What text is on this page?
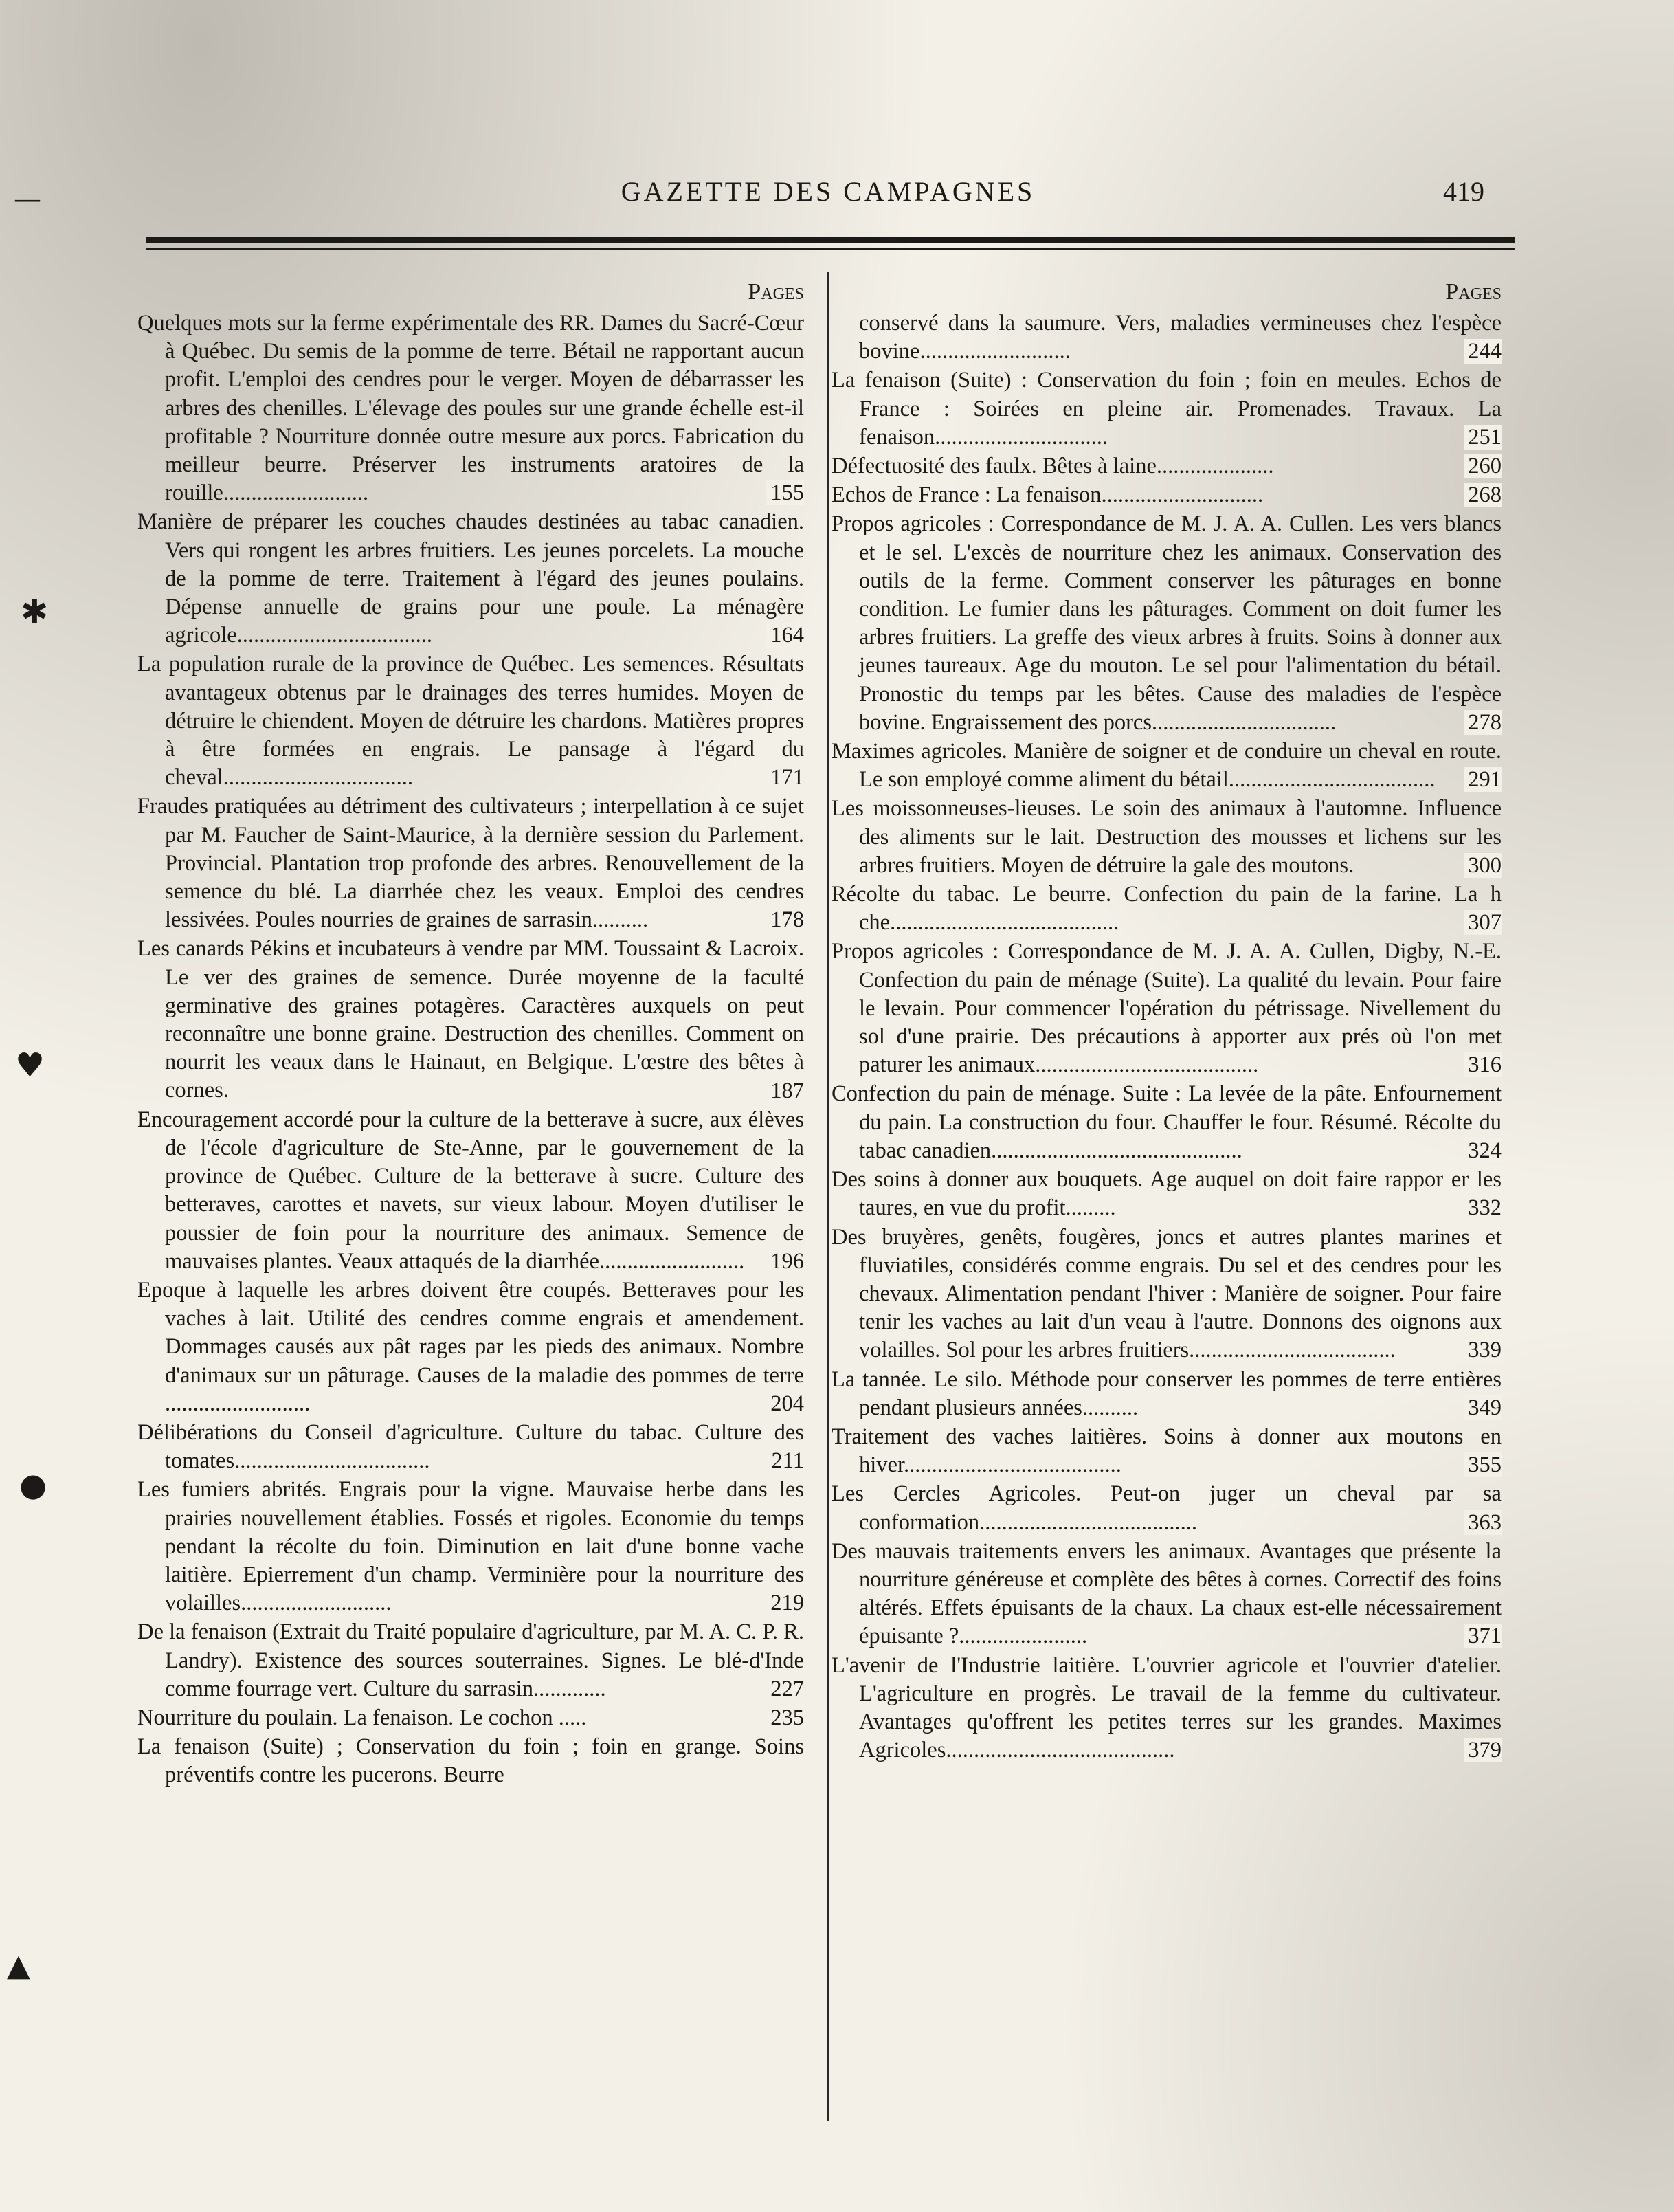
GAZETTE DES CAMPAGNES	419
Pages
Quelques mots sur la ferme expérimentale des RR. Dames du Sacré-Cœur à Québec. Du semis de la pomme de terre. Bétail ne rapportant aucun profit. L'emploi des cendres pour le verger. Moyen de débarrasser les arbres des chenilles. L'élevage des poules sur une grande échelle est-il profitable ? Nourriture donnée outre mesure aux porcs. Fabrication du meilleur beurre. Préserver les instruments aratoires de la rouille..........................	155
Manière de préparer les couches chaudes destinées au tabac canadien. Vers qui rongent les arbres fruitiers. Les jeunes porcelets. La mouche de la pomme de terre. Traitement à l'égard des jeunes poulains. Dépense annuelle de grains pour une poule. La ménagère agricole...................................	164
La population rurale de la province de Québec. Les semences. Résultats avantageux obtenus par le drainages des terres humides. Moyen de détruire le chiendent. Moyen de détruire les chardons. Matières propres à être formées en engrais. Le pansage à l'égard du cheval..................................	171
Fraudes pratiquées au détriment des cultivateurs ; interpellation à ce sujet par M. Faucher de Saint-Maurice, à la dernière session du Parlement. Provincial. Plantation trop profonde des arbres. Renouvellement de la semence du blé. La diarrhée chez les veaux. Emploi des cendres lessivées. Poules nourries de graines de sarrasin..........	178
Les canards Pékins et incubateurs à vendre par MM. Toussaint & Lacroix. Le ver des graines de semence. Durée moyenne de la faculté germinative des graines potagères. Caractères auxquels on peut reconnaître une bonne graine. Destruction des chenilles. Comment on nourrit les veaux dans le Hainaut, en Belgique. L'œstre des bêtes à cornes.	187
Encouragement accordé pour la culture de la betterave à sucre, aux élèves de l'école d'agriculture de Ste-Anne, par le gouvernement de la province de Québec. Culture de la betterave à sucre. Culture des betteraves, carottes et navets, sur vieux labour. Moyen d'utiliser le poussier de foin pour la nourriture des animaux. Semence de mauvaises plantes. Veaux attaqués de la diarrhée..........................	196
Epoque à laquelle les arbres doivent être coupés. Betteraves pour les vaches à lait. Utilité des cendres comme engrais et amendement. Dommages causés aux pât rages par les pieds des animaux. Nombre d'animaux sur un pâturage. Causes de la maladie des pommes de terre ..........................	204
Délibérations du Conseil d'agriculture. Culture du tabac. Culture des tomates...................................	211
Les fumiers abrités. Engrais pour la vigne. Mauvaise herbe dans les prairies nouvellement établies. Fossés et rigoles. Economie du temps pendant la récolte du foin. Diminution en lait d'une bonne vache laitière. Epierrement d'un champ. Verminière pour la nourriture des volailles...........................	219
De la fenaison (Extrait du Traité populaire d'agriculture, par M. A. C. P. R. Landry). Existence des sources souterraines. Signes. Le blé-d'Inde comme fourrage vert. Culture du sarrasin.............	227
Nourriture du poulain. La fenaison. Le cochon .....	235
La fenaison (Suite) ; Conservation du foin ; foin en grange. Soins préventifs contre les pucerons. Beurre
Pages
conservé dans la saumure. Vers, maladies vermineuses chez l'espèce bovine...........................	244
La fenaison (Suite) : Conservation du foin ; foin en meules. Echos de France : Soirées en pleine air. Promenades. Travaux. La fenaison...............................	251
Défectuosité des faulx. Bêtes à laine.....................	260
Echos de France : La fenaison.............................	268
Propos agricoles : Correspondance de M. J. A. A. Cullen. Les vers blancs et le sel. L'excès de nourriture chez les animaux. Conservation des outils de la ferme. Comment conserver les pâturages en bonne condition. Le fumier dans les pâturages. Comment on doit fumer les arbres fruitiers. La greffe des vieux arbres à fruits. Soins à donner aux jeunes taureaux. Age du mouton. Le sel pour l'alimentation du bétail. Pronostic du temps par les bêtes. Cause des maladies de l'espèce bovine. Engraissement des porcs.................................	278
Maximes agricoles. Manière de soigner et de conduire un cheval en route. Le son employé comme aliment du bétail.....................................	291
Les moissonneuses-lieuses. Le soin des animaux à l'automne. Influence des aliments sur le lait. Destruction des mousses et lichens sur les arbres fruitiers. Moyen de détruire la gale des moutons.	300
Récolte du tabac. Le beurre. Confection du pain de la farine. La h che.........................................	307
Propos agricoles : Correspondance de M. J. A. A. Cullen, Digby, N.-E. Confection du pain de ménage (Suite). La qualité du levain. Pour faire le levain. Pour commencer l'opération du pétrissage. Nivellement du sol d'une prairie. Des précautions à apporter aux prés où l'on met paturer les animaux........................................	316
Confection du pain de ménage. Suite : La levée de la pâte. Enfournement du pain. La construction du four. Chauffer le four. Résumé. Récolte du tabac canadien.............................................	324
Des soins à donner aux bouquets. Age auquel on doit faire rappor er les taures, en vue du profit.........	332
Des bruyères, genêts, fougères, joncs et autres plantes marines et fluviatiles, considérés comme engrais. Du sel et des cendres pour les chevaux. Alimentation pendant l'hiver : Manière de soigner. Pour faire tenir les vaches au lait d'un veau à l'autre. Donnons des oignons aux volailles. Sol pour les arbres fruitiers.....................................	339
La tannée. Le silo. Méthode pour conserver les pommes de terre entières pendant plusieurs années..........	349
Traitement des vaches laitières. Soins à donner aux moutons en hiver.......................................	355
Les Cercles Agricoles. Peut-on juger un cheval par sa conformation.......................................	363
Des mauvais traitements envers les animaux. Avantages que présente la nourriture généreuse et complète des bêtes à cornes. Correctif des foins altérés. Effets épuisants de la chaux. La chaux est-elle nécessairement épuisante ?.......................	371
L'avenir de l'Industrie laitière. L'ouvrier agricole et l'ouvrier d'atelier. L'agriculture en progrès. Le travail de la femme du cultivateur. Avantages qu'offrent les petites terres sur les grandes. Maximes Agricoles.........................................	379
—
✱
♥
●
▲
